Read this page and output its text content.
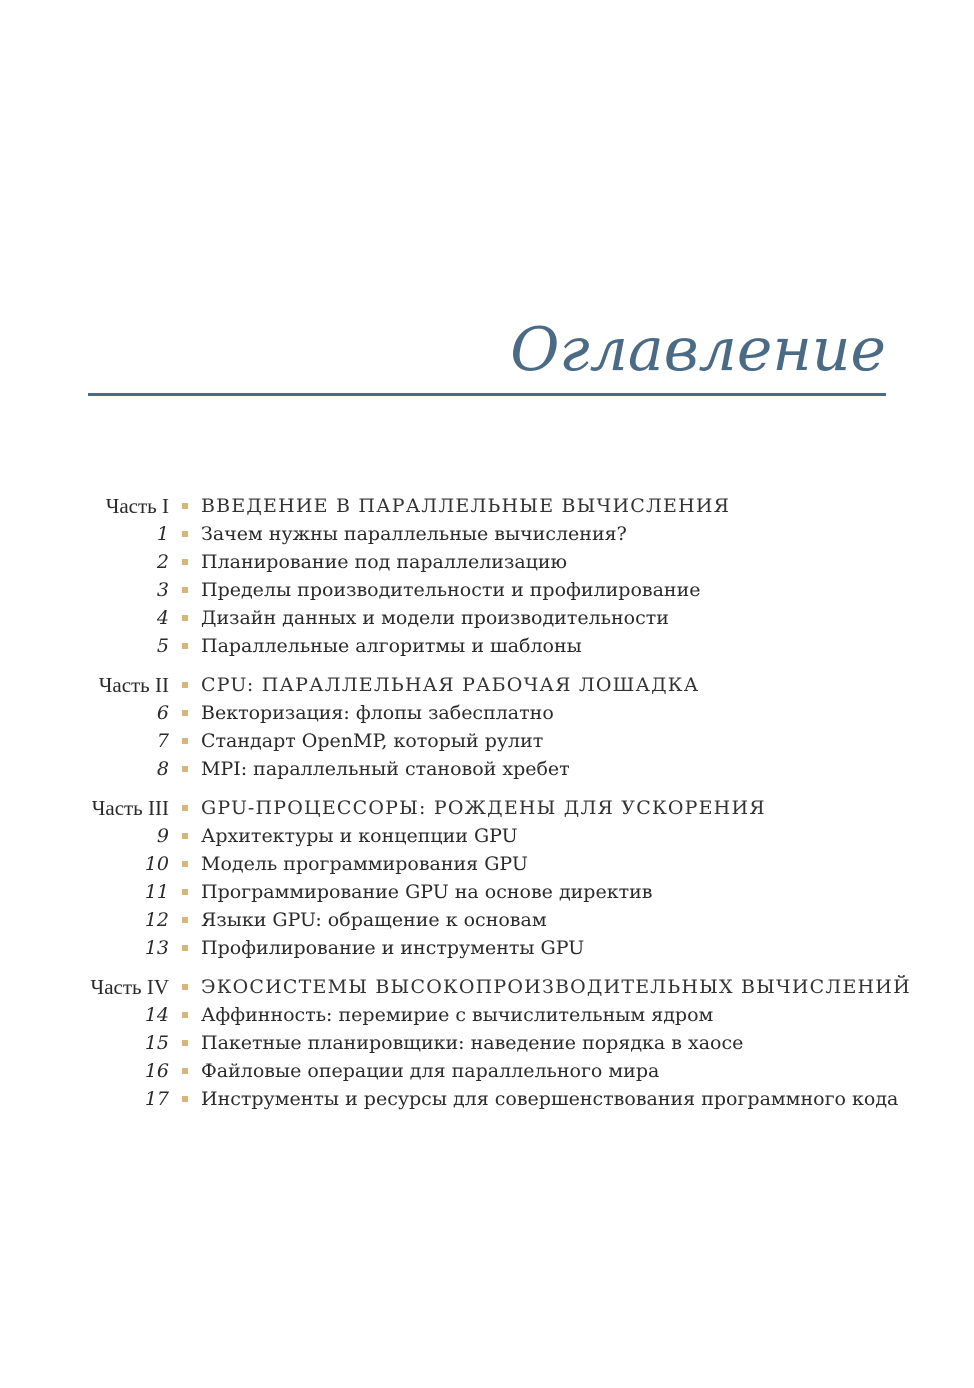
Оглавление
Часть I ВВЕДЕНИЕ В ПАРАЛЛЕЛЬНЫЕ ВЫЧИСЛЕНИЯ
1 Зачем нужны параллельные вычисления?
2 Планирование под параллелизацию
3 Пределы производительности и профилирование
4 Дизайн данных и модели производительности
5 Параллельные алгоритмы и шаблоны
Часть II CPU: ПАРАЛЛЕЛЬНАЯ РАБОЧАЯ ЛОШАДКА
6 Векторизация: флопы забесплатно
7 Стандарт OpenMP, который рулит
8 MPI: параллельный становой хребет
Часть III GPU-ПРОЦЕССОРЫ: РОЖДЕНЫ ДЛЯ УСКОРЕНИЯ
9 Архитектуры и концепции GPU
10 Модель программирования GPU
11 Программирование GPU на основе директив
12 Языки GPU: обращение к основам
13 Профилирование и инструменты GPU
Часть IV ЭКОСИСТЕМЫ ВЫСОКОПРОИЗВОДИТЕЛЬНЫХ ВЫЧИСЛЕНИЙ
14 Аффинность: перемирие с вычислительным ядром
15 Пакетные планировщики: наведение порядка в хаосе
16 Файловые операции для параллельного мира
17 Инструменты и ресурсы для совершенствования программного кода
